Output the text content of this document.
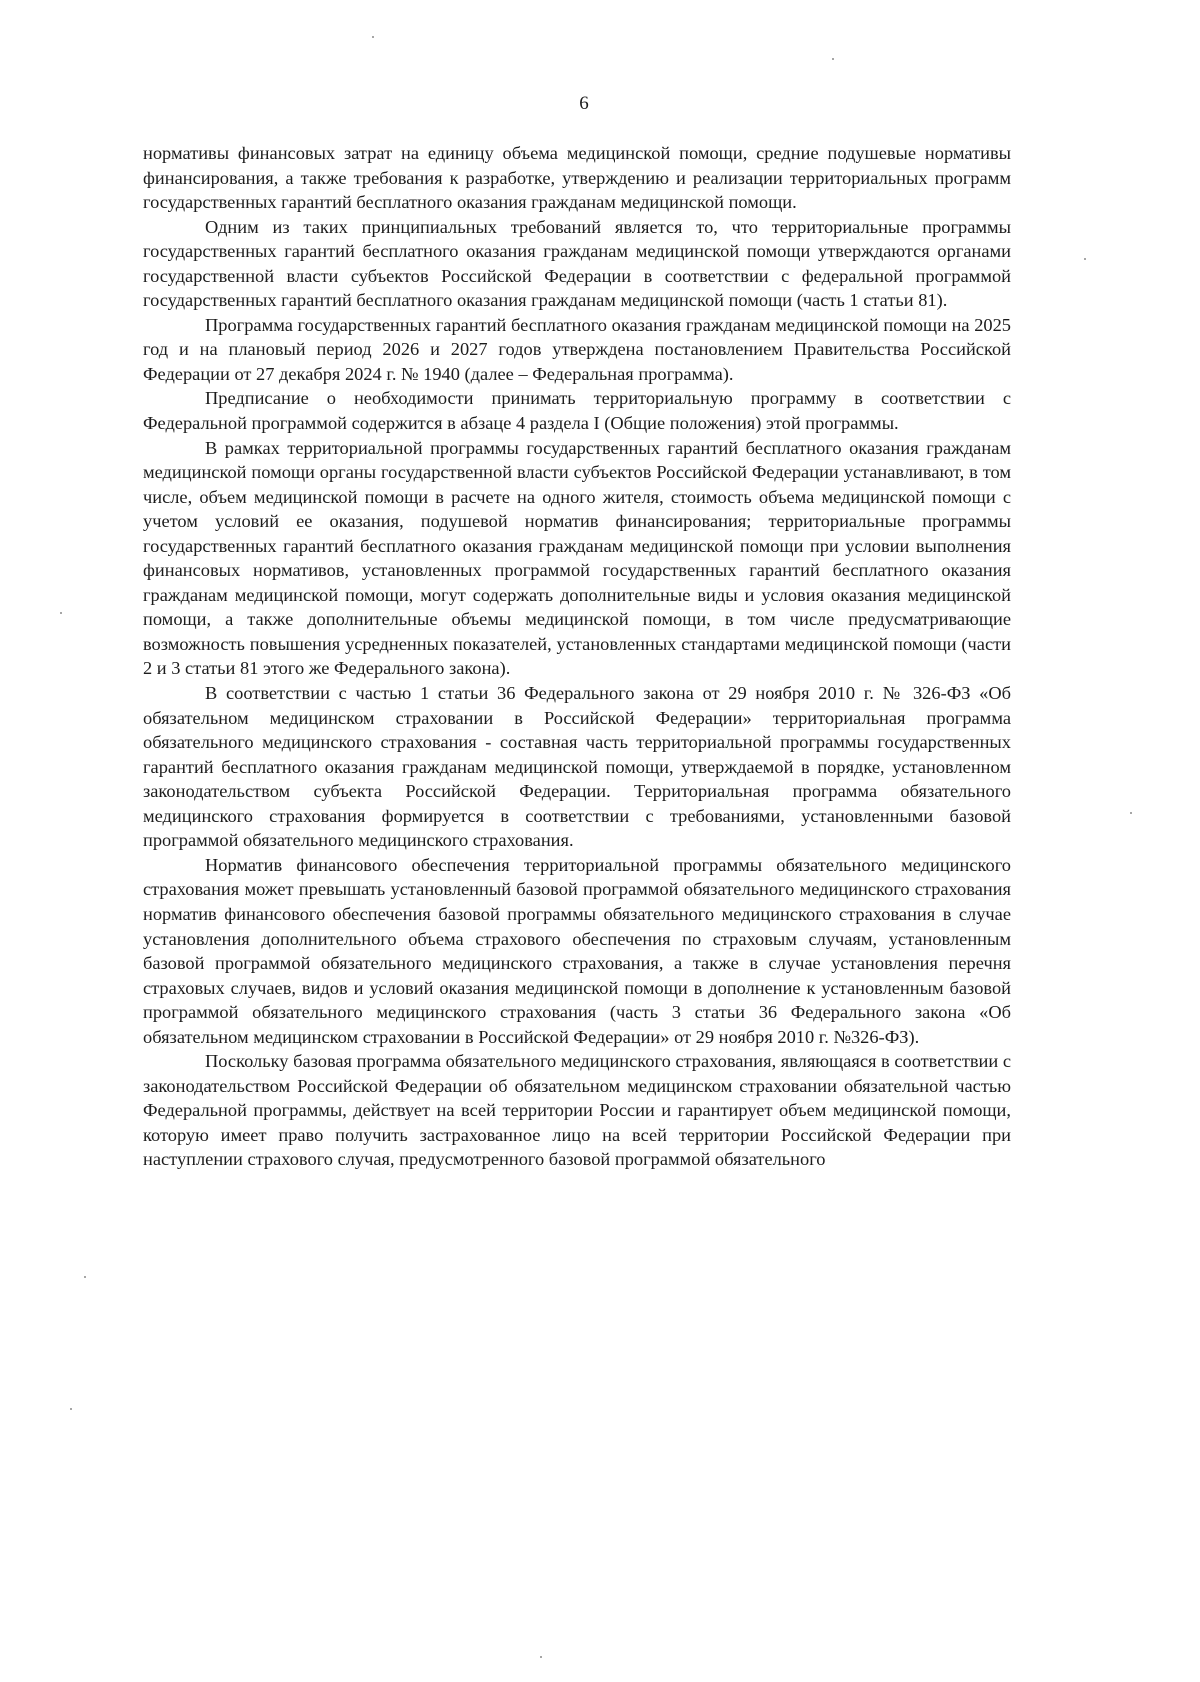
6

нормативы финансовых затрат на единицу объема медицинской помощи, средние подушевые нормативы финансирования, а также требования к разработке, утверждению и реализации территориальных программ государственных гарантий бесплатного оказания гражданам медицинской помощи.

Одним из таких принципиальных требований является то, что территориальные программы государственных гарантий бесплатного оказания гражданам медицинской помощи утверждаются органами государственной власти субъектов Российской Федерации в соответствии с федеральной программой государственных гарантий бесплатного оказания гражданам медицинской помощи (часть 1 статьи 81).

Программа государственных гарантий бесплатного оказания гражданам медицинской помощи на 2025 год и на плановый период 2026 и 2027 годов утверждена постановлением Правительства Российской Федерации от 27 декабря 2024 г. № 1940 (далее – Федеральная программа).

Предписание о необходимости принимать территориальную программу в соответствии с Федеральной программой содержится в абзаце 4 раздела I (Общие положения) этой программы.

В рамках территориальной программы государственных гарантий бесплатного оказания гражданам медицинской помощи органы государственной власти субъектов Российской Федерации устанавливают, в том числе, объем медицинской помощи в расчете на одного жителя, стоимость объема медицинской помощи с учетом условий ее оказания, подушевой норматив финансирования; территориальные программы государственных гарантий бесплатного оказания гражданам медицинской помощи при условии выполнения финансовых нормативов, установленных программой государственных гарантий бесплатного оказания гражданам медицинской помощи, могут содержать дополнительные виды и условия оказания медицинской помощи, а также дополнительные объемы медицинской помощи, в том числе предусматривающие возможность повышения усредненных показателей, установленных стандартами медицинской помощи (части 2 и 3 статьи 81 этого же Федерального закона).

В соответствии с частью 1 статьи 36 Федерального закона от 29 ноября 2010 г. № 326-ФЗ «Об обязательном медицинском страховании в Российской Федерации» территориальная программа обязательного медицинского страхования - составная часть территориальной программы государственных гарантий бесплатного оказания гражданам медицинской помощи, утверждаемой в порядке, установленном законодательством субъекта Российской Федерации. Территориальная программа обязательного медицинского страхования формируется в соответствии с требованиями, установленными базовой программой обязательного медицинского страхования.

Норматив финансового обеспечения территориальной программы обязательного медицинского страхования может превышать установленный базовой программой обязательного медицинского страхования норматив финансового обеспечения базовой программы обязательного медицинского страхования в случае установления дополнительного объема страхового обеспечения по страховым случаям, установленным базовой программой обязательного медицинского страхования, а также в случае установления перечня страховых случаев, видов и условий оказания медицинской помощи в дополнение к установленным базовой программой обязательного медицинского страхования (часть 3 статьи 36 Федерального закона «Об обязательном медицинском страховании в Российской Федерации» от 29 ноября 2010 г. №326-ФЗ).

Поскольку базовая программа обязательного медицинского страхования, являющаяся в соответствии с законодательством Российской Федерации об обязательном медицинском страховании обязательной частью Федеральной программы, действует на всей территории России и гарантирует объем медицинской помощи, которую имеет право получить застрахованное лицо на всей территории Российской Федерации при наступлении страхового случая, предусмотренного базовой программой обязательного
